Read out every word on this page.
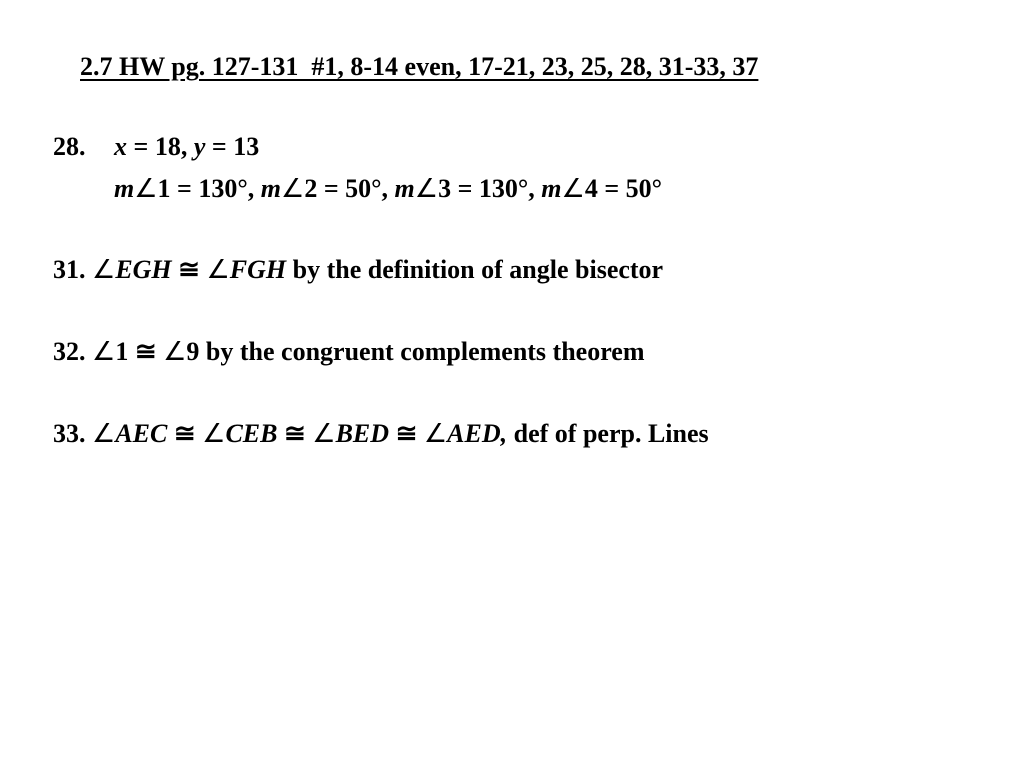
2.7 HW pg. 127-131  #1, 8-14 even, 17-21, 23, 25, 28, 31-33, 37
28. x = 18, y = 13
m∠1 = 130°, m∠2 = 50°, m∠3 = 130°, m∠4 = 50°
31. ∠EGH ≅ ∠FGH by the definition of angle bisector
32. ∠1 ≅ ∠9 by the congruent complements theorem
33. ∠AEC ≅ ∠CEB ≅ ∠BED ≅ ∠AED, def of perp. Lines
